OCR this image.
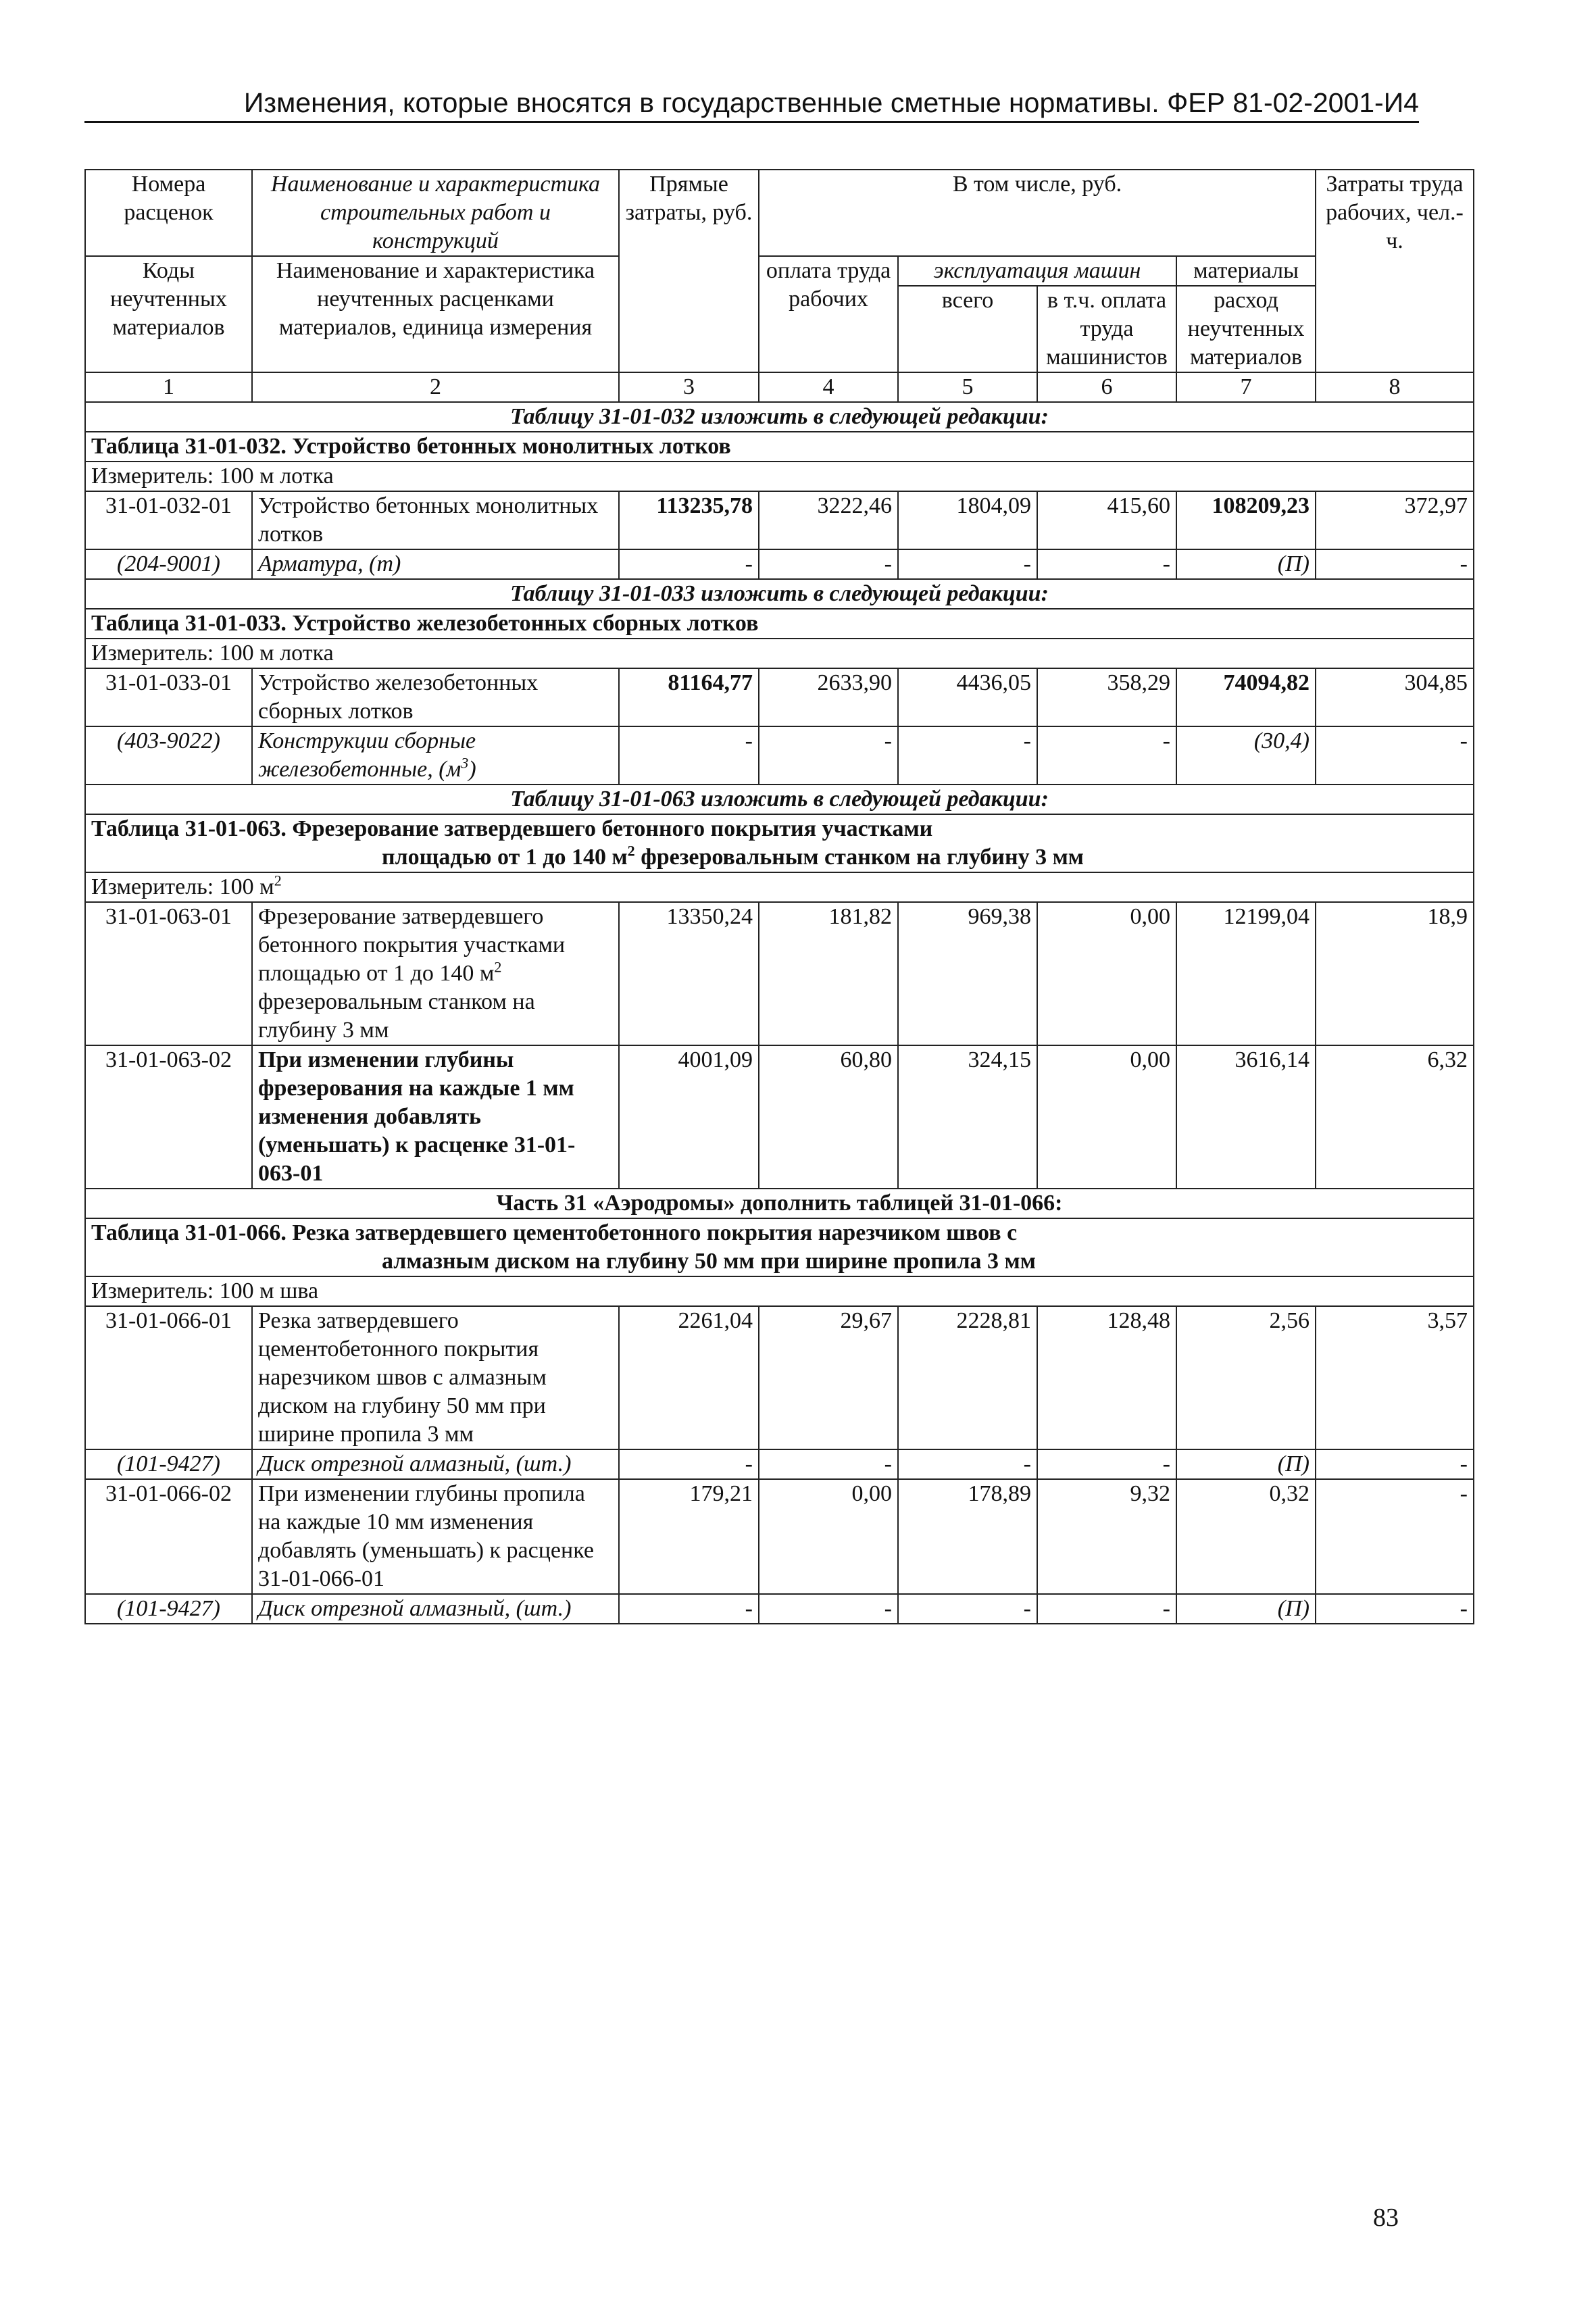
Изменения, которые вносятся в государственные сметные нормативы. ФЕР 81-02-2001-И4
Номера расценок	Наименование и характеристика строительных работ и конструкций	Прямые затраты, руб.	В том числе, руб.				Затраты труда рабочих, чел.-ч.
Коды неучтенных материалов	Наименование и характеристика неучтенных расценками материалов, единица измерения		оплата труда рабочих	эксплуатация машин		материалы	
				всего	в т.ч. оплата труда машинистов	расход неучтенных материалов	
1	2	3	4	5	6	7	8
Таблицу 31-01-032 изложить в следующей редакции:							
Таблица 31-01-032. Устройство бетонных монолитных лотков							
Измеритель: 100 м лотка							
31-01-032-01	Устройство бетонных монолитных лотков	113235,78	3222,46	1804,09	415,60	108209,23	372,97
(204-9001)	Арматура, (т)	-	-	-	-	(П)	-
Таблицу 31-01-033 изложить в следующей редакции:							
Таблица 31-01-033. Устройство железобетонных сборных лотков							
Измеритель: 100 м лотка							
31-01-033-01	Устройство железобетонных сборных лотков	81164,77	2633,90	4436,05	358,29	74094,82	304,85
(403-9022)	Конструкции сборные железобетонные, $(м^3)$	-	-	-	-	(30,4)	-
Таблицу 31-01-063 изложить в следующей редакции:							
Таблица 31-01-063. Фрезерование затвердевшего бетонного покрытия участками
площадью от 1 до 140 $м^2$ фрезеровальным станком на глубину 3 мм							

Измеритель: 100 $м^2$
31-01-063-01	Фрезерование затвердевшего бетонного покрытия участками площадью от 1 до 140 $м^2$ фрезеровальным станком на глубину 3 мм	13350,24	181,82	969,38	0,00	12199,04	18,9
31-01-063-02	При изменении глубины фрезерования на каждые 1 мм изменения добавлять (уменьшать) к расценке 31-01-063-01	4001,09	60,80	324,15	0,00	3616,14	6,32
Часть 31 «Аэродромы» дополнить таблицей 31-01-066:							
Таблица 31-01-066. Резка затвердевшего цементобетонного покрытия нарезчиком швов с
алмазным диском на глубину 50 мм при ширине пропила 3 мм							

Измеритель: 100 м шва							
31-01-066-01	Резка затвердевшего цементобетонного покрытия нарезчиком швов с алмазным диском на глубину 50 мм при ширине пропила 3 мм	2261,04	29,67	2228,81	128,48	2,56	3,57
(101-9427)	Диск отрезной алмазный, (шт.)	-	-	-	-	(П)	-
31-01-066-02	При изменении глубины пропила на каждые 10 мм изменения добавлять (уменьшать) к расценке 31-01-066-01	179,21	0,00	178,89	9,32	0,32	-
(101-9427)	Диск отрезной алмазный, (шт.)	-	-	-	-	(П)	-
83
